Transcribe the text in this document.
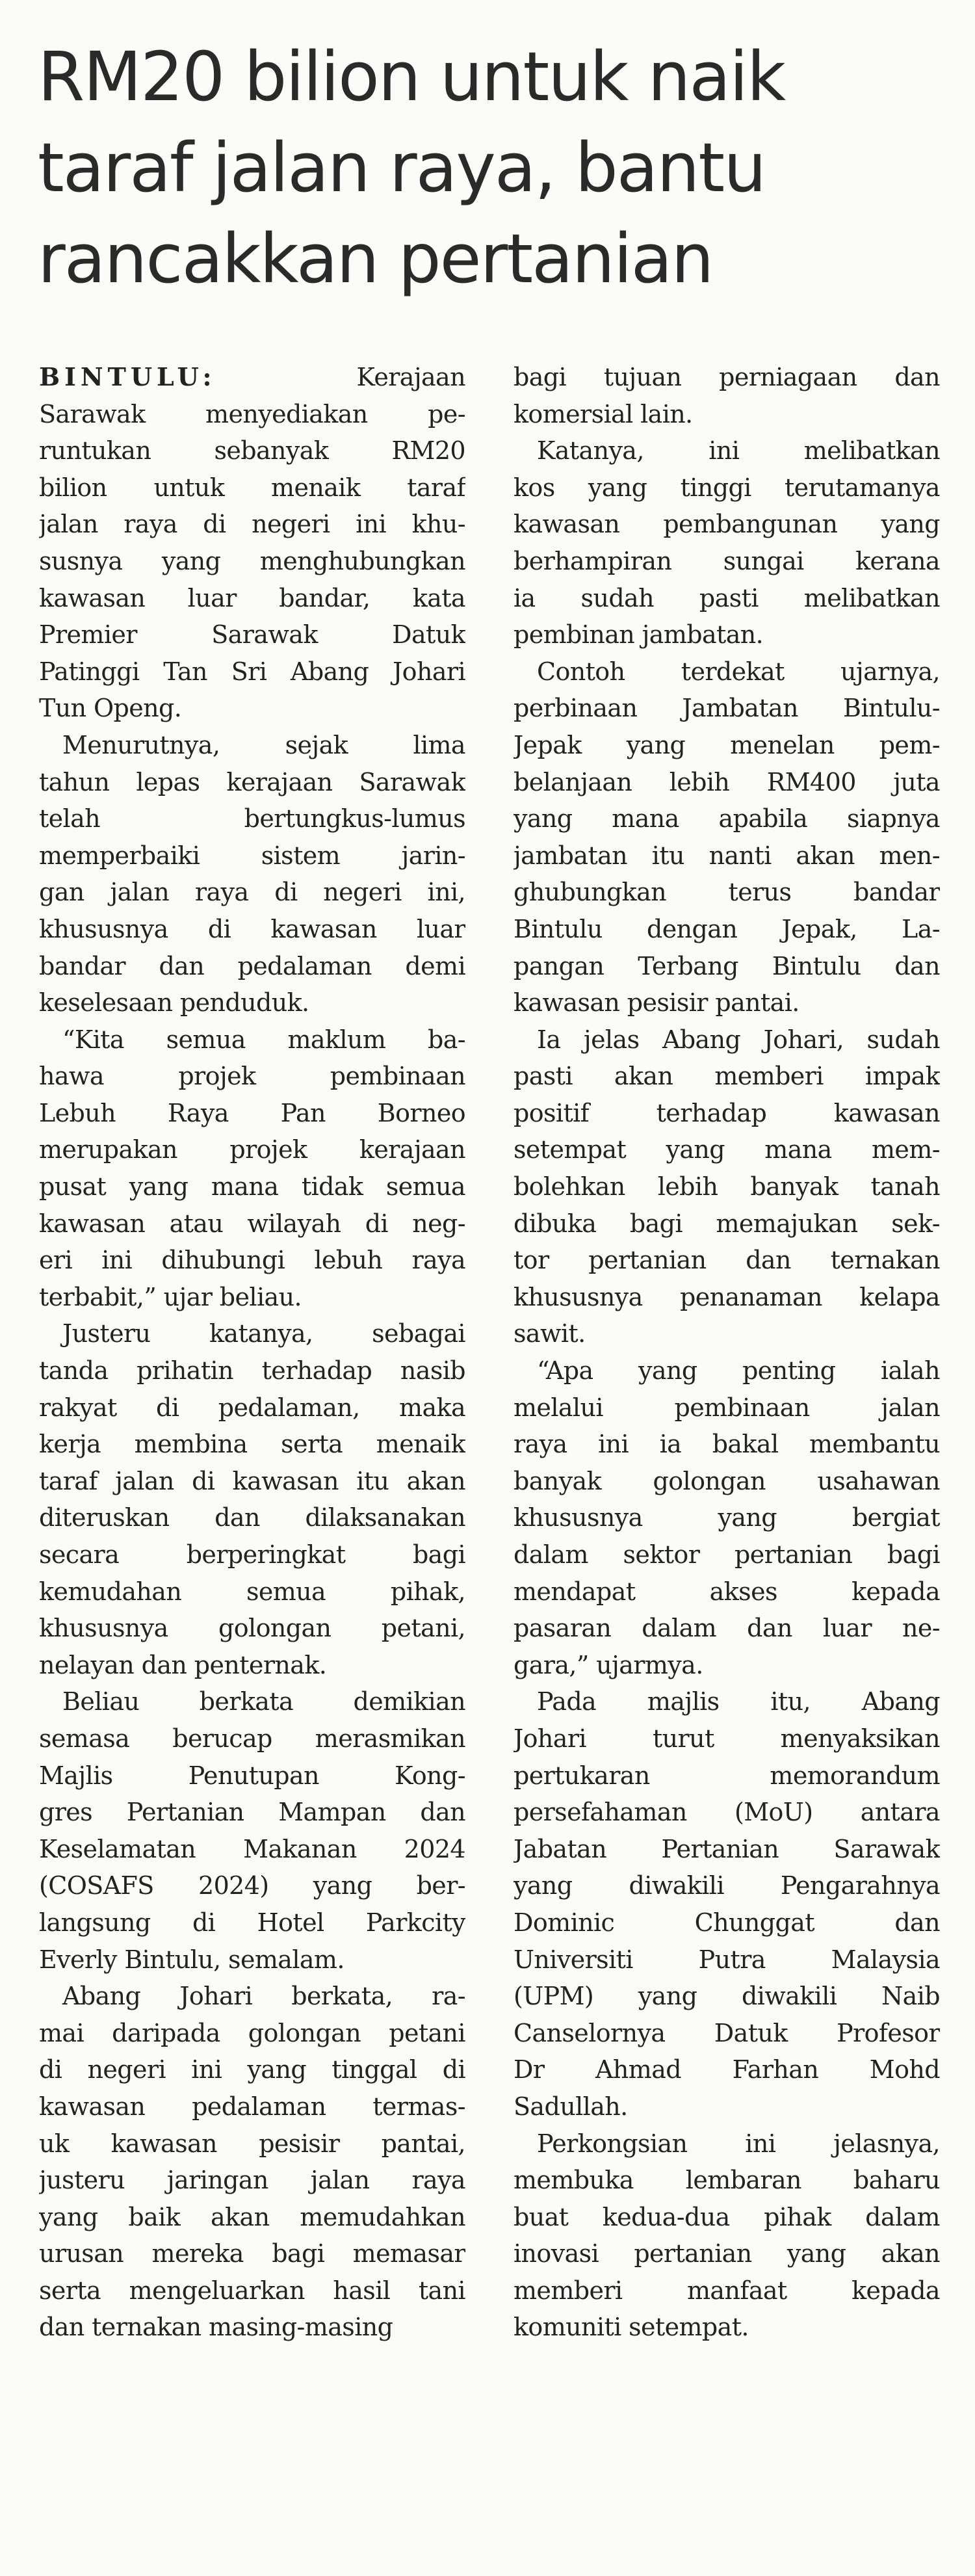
RM20 bilion untuk naik
taraf jalan raya, bantu
rancakkan pertanian
BINTULU:	Kerajaan
Sarawak menyediakan pe-
runtukan sebanyak RM20
bilion untuk menaik taraf
jalan raya di negeri ini khu-
susnya yang menghubungkan
kawasan luar bandar, kata
Premier Sarawak Datuk
Patinggi Tan Sri Abang Johari
Tun Openg.
Menurutnya, sejak lima
tahun lepas kerajaan Sarawak
telah bertungkus-lumus
memperbaiki sistem jarin-
gan jalan raya di negeri ini,
khususnya di kawasan luar
bandar dan pedalaman demi
keselesaan penduduk.
“Kita semua maklum ba-
hawa projek pembinaan
Lebuh Raya Pan Borneo
merupakan projek kerajaan
pusat yang mana tidak semua
kawasan atau wilayah di neg-
eri ini dihubungi lebuh raya
terbabit,” ujar beliau.
Justeru katanya, sebagai
tanda prihatin terhadap nasib
rakyat di pedalaman, maka
kerja membina serta menaik
taraf jalan di kawasan itu akan
diteruskan dan dilaksanakan
secara berperingkat bagi
kemudahan semua pihak,
khususnya golongan petani,
nelayan dan penternak.
Beliau berkata demikian
semasa berucap merasmikan
Majlis Penutupan Kong-
gres Pertanian Mampan dan
Keselamatan Makanan 2024
(COSAFS 2024) yang ber-
langsung di Hotel Parkcity
Everly Bintulu, semalam.
Abang Johari berkata, ra-
mai daripada golongan petani
di negeri ini yang tinggal di
kawasan pedalaman termas-
uk kawasan pesisir pantai,
justeru jaringan jalan raya
yang baik akan memudahkan
urusan mereka bagi memasar
serta mengeluarkan hasil tani
dan ternakan masing-masing
bagi tujuan perniagaan dan
komersial lain.
Katanya, ini melibatkan
kos yang tinggi terutamanya
kawasan pembangunan yang
berhampiran sungai kerana
ia sudah pasti melibatkan
pembinan jambatan.
Contoh terdekat ujarnya,
perbinaan Jambatan Bintulu-
Jepak yang menelan pem-
belanjaan lebih RM400 juta
yang mana apabila siapnya
jambatan itu nanti akan men-
ghubungkan terus bandar
Bintulu dengan Jepak, La-
pangan Terbang Bintulu dan
kawasan pesisir pantai.
Ia jelas Abang Johari, sudah
pasti akan memberi impak
positif terhadap kawasan
setempat yang mana mem-
bolehkan lebih banyak tanah
dibuka bagi memajukan sek-
tor pertanian dan ternakan
khususnya penanaman kelapa
sawit.
“Apa yang penting ialah
melalui pembinaan jalan
raya ini ia bakal membantu
banyak golongan usahawan
khususnya yang bergiat
dalam sektor pertanian bagi
mendapat akses kepada
pasaran dalam dan luar ne-
gara,” ujarmya.
Pada majlis itu, Abang
Johari turut menyaksikan
pertukaran memorandum
persefahaman (MoU) antara
Jabatan Pertanian Sarawak
yang diwakili Pengarahnya
Dominic Chunggat dan
Universiti Putra Malaysia
(UPM) yang diwakili Naib
Canselornya Datuk Profesor
Dr Ahmad Farhan Mohd
Sadullah.
Perkongsian ini jelasnya,
membuka lembaran baharu
buat kedua-dua pihak dalam
inovasi pertanian yang akan
memberi manfaat kepada
komuniti setempat.
